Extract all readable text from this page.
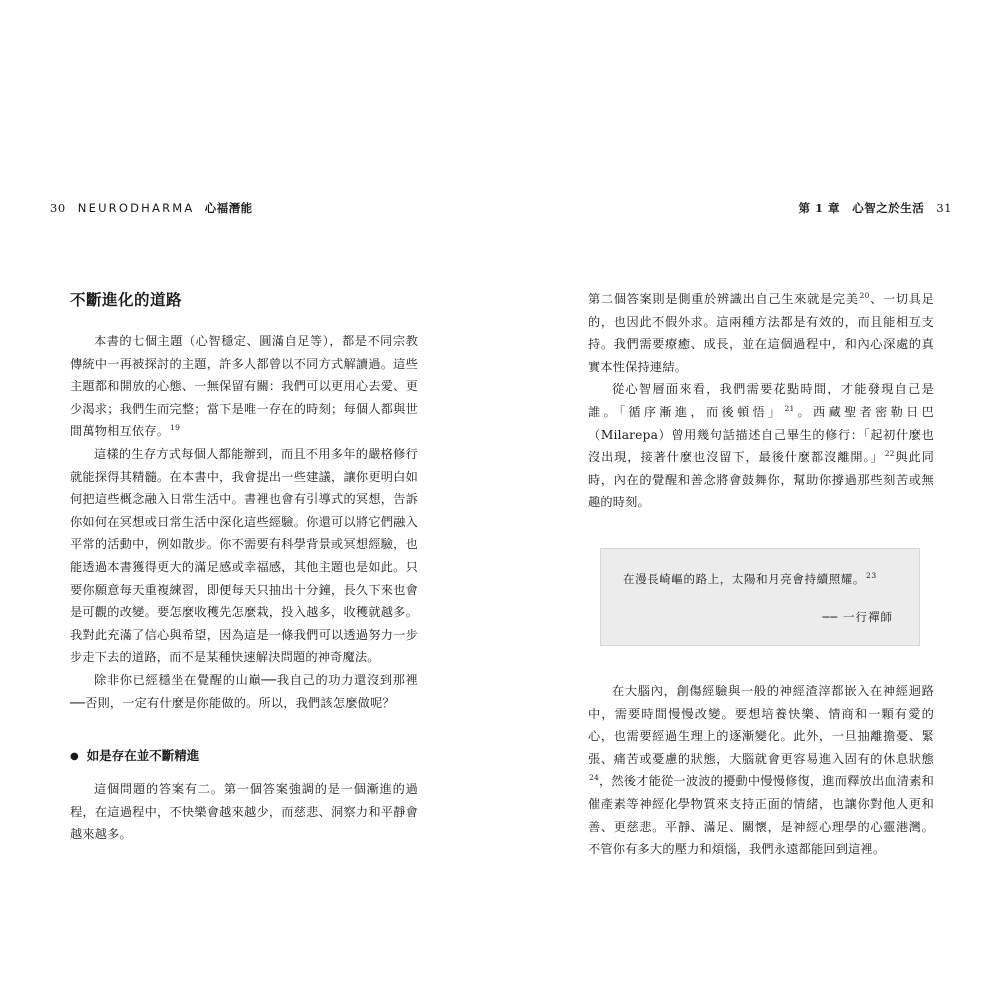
30 NEURODHARMA 心福潛能	第 1 章 心智之於生活 31
不斷進化的道路

本書的七個主題（心智穩定、圓滿自足等），都是不同宗教傳統中一再被探討的主題，許多人都曾以不同方式解讀過。這些主題都和開放的心態、一無保留有關：我們可以更用心去愛、更少渴求；我們生而完整；當下是唯一存在的時刻；每個人都與世間萬物相互依存。$^{19}$

這樣的生存方式每個人都能辦到，而且不用多年的嚴格修行就能探得其精髓。在本書中，我會提出一些建議，讓你更明白如何把這些概念融入日常生活中。書裡也會有引導式的冥想，告訴你如何在冥想或日常生活中深化這些經驗。你還可以將它們融入平常的活動中，例如散步。你不需要有科學背景或冥想經驗，也能透過本書獲得更大的滿足感或幸福感，其他主題也是如此。只要你願意每天重複練習，即便每天只抽出十分鐘，長久下來也會是可觀的改變。要怎麼收穫先怎麼栽，投入越多，收穫就越多。我對此充滿了信心與希望，因為這是一條我們可以透過努力一步步走下去的道路，而不是某種快速解決問題的神奇魔法。

除非你已經穩坐在覺醒的山巔──我自己的功力還沒到那裡──否則，一定有什麼是你能做的。所以，我們該怎麼做呢？

● 如是存在並不斷精進

這個問題的答案有二。第一個答案強調的是一個漸進的過程，在這過程中，不快樂會越來越少，而慈悲、洞察力和平靜會越來越多。

第二個答案則是側重於辨識出自己生來就是完美$^{20}$、一切具足的，也因此不假外求。這兩種方法都是有效的，而且能相互支持。我們需要療癒、成長，並在這個過程中，和內心深處的真實本性保持連結。

從心智層面來看，我們需要花點時間，才能發現自己是誰。「循序漸進，而後頓悟」$^{21}$。西藏聖者密勒日巴（Milarepa）曾用幾句話描述自己畢生的修行：「起初什麼也沒出現，接著什麼也沒留下，最後什麼都沒離開。」$^{22}$與此同時，內在的覺醒和善念將會鼓舞你，幫助你撐過那些刻苦或無趣的時刻。

在漫長崎嶇的路上，太陽和月亮會持續照耀。$^{23}$

── 一行禪師

在大腦內，創傷經驗與一般的神經渣滓都嵌入在神經迴路中，需要時間慢慢改變。要想培養快樂、情商和一顆有愛的心，也需要經過生理上的逐漸變化。此外，一旦抽離擔憂、緊張、痛苦或憂慮的狀態，大腦就會更容易進入固有的休息狀態$^{24}$，然後才能從一波波的擾動中慢慢修復，進而釋放出血清素和催產素等神經化學物質來支持正面的情緒，也讓你對他人更和善、更慈悲。平靜、滿足、關懷，是神經心理學的心靈港灣。不管你有多大的壓力和煩惱，我們永遠都能回到這裡。
